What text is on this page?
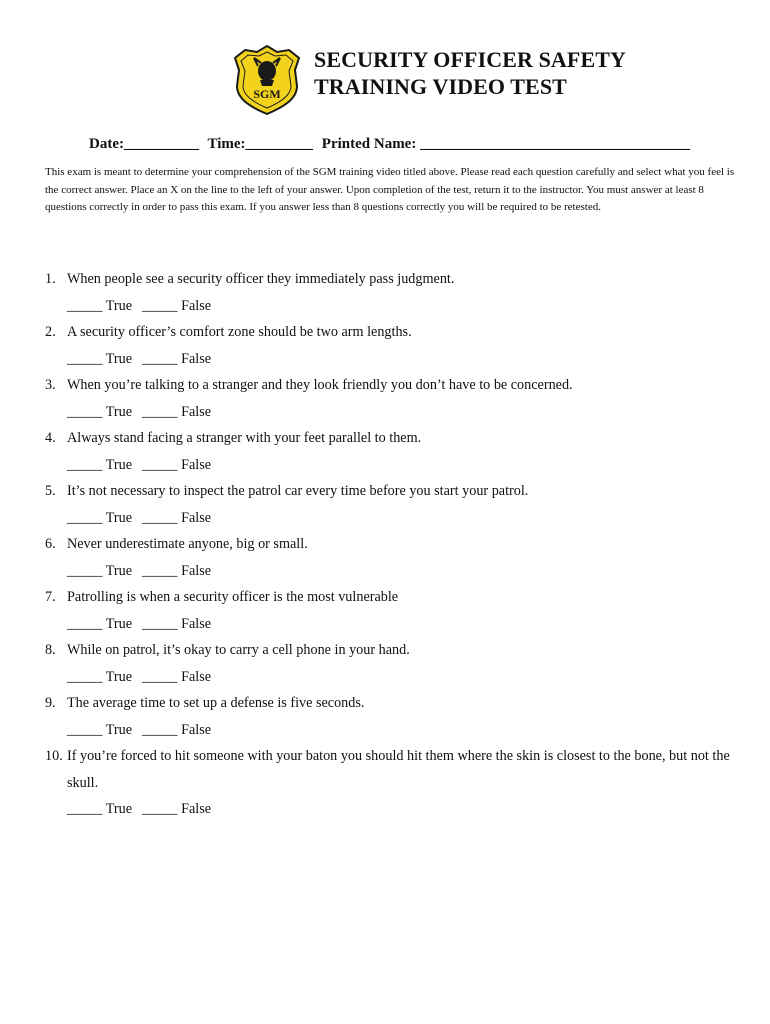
SGM
SECURITY OFFICER SAFETY
TRAINING VIDEO TEST
Date:__________ Time:_________ Printed Name: ____________________________________
This exam is meant to determine your comprehension of the SGM training video titled above. Please read each question carefully and select what you feel is the correct answer. Place an X on the line to the left of your answer. Upon completion of the test, return it to the instructor. You must answer at least 8 questions correctly in order to pass this exam. If you answer less than 8 questions correctly you will be required to be retested.
1. When people see a security officer they immediately pass judgment.
_____ True _____ False
2. A security officer’s comfort zone should be two arm lengths.
_____ True _____ False
3. When you’re talking to a stranger and they look friendly you don’t have to be concerned.
_____ True _____ False
4. Always stand facing a stranger with your feet parallel to them.
_____ True _____ False
5. It’s not necessary to inspect the patrol car every time before you start your patrol.
_____ True _____ False
6. Never underestimate anyone, big or small.
_____ True _____ False
7. Patrolling is when a security officer is the most vulnerable
_____ True _____ False
8. While on patrol, it’s okay to carry a cell phone in your hand.
_____ True _____ False
9. The average time to set up a defense is five seconds.
_____ True _____ False
10. If you’re forced to hit someone with your baton you should hit them where the skin is closest to the bone, but not the skull.
_____ True _____ False
